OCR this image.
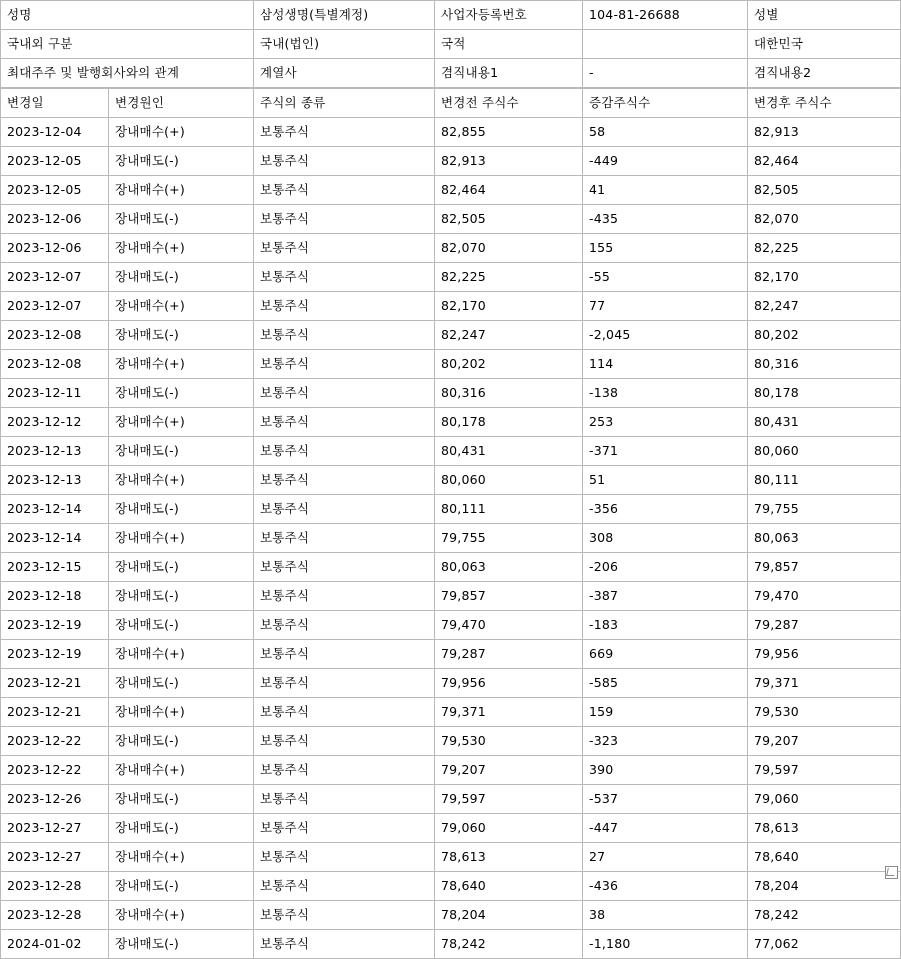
성명	삼성생명(특별계정)	사업자등록번호	104-81-26688	성별
국내외 구분	국내(법인)	국적		대한민국
최대주주 및 발행회사와의 관계	계열사	겸직내용1	-	겸직내용2
변경일	변경원인	주식의 종류	변경전 주식수	증감주식수	변경후 주식수
2023-12-04	장내매수(+)	보통주식	82,855	58	82,913
2023-12-05	장내매도(-)	보통주식	82,913	-449	82,464
2023-12-05	장내매수(+)	보통주식	82,464	41	82,505
2023-12-06	장내매도(-)	보통주식	82,505	-435	82,070
2023-12-06	장내매수(+)	보통주식	82,070	155	82,225
2023-12-07	장내매도(-)	보통주식	82,225	-55	82,170
2023-12-07	장내매수(+)	보통주식	82,170	77	82,247
2023-12-08	장내매도(-)	보통주식	82,247	-2,045	80,202
2023-12-08	장내매수(+)	보통주식	80,202	114	80,316
2023-12-11	장내매도(-)	보통주식	80,316	-138	80,178
2023-12-12	장내매수(+)	보통주식	80,178	253	80,431
2023-12-13	장내매도(-)	보통주식	80,431	-371	80,060
2023-12-13	장내매수(+)	보통주식	80,060	51	80,111
2023-12-14	장내매도(-)	보통주식	80,111	-356	79,755
2023-12-14	장내매수(+)	보통주식	79,755	308	80,063
2023-12-15	장내매도(-)	보통주식	80,063	-206	79,857
2023-12-18	장내매도(-)	보통주식	79,857	-387	79,470
2023-12-19	장내매도(-)	보통주식	79,470	-183	79,287
2023-12-19	장내매수(+)	보통주식	79,287	669	79,956
2023-12-21	장내매도(-)	보통주식	79,956	-585	79,371
2023-12-21	장내매수(+)	보통주식	79,371	159	79,530
2023-12-22	장내매도(-)	보통주식	79,530	-323	79,207
2023-12-22	장내매수(+)	보통주식	79,207	390	79,597
2023-12-26	장내매도(-)	보통주식	79,597	-537	79,060
2023-12-27	장내매도(-)	보통주식	79,060	-447	78,613
2023-12-27	장내매수(+)	보통주식	78,613	27	78,640
2023-12-28	장내매도(-)	보통주식	78,640	-436	78,204
2023-12-28	장내매수(+)	보통주식	78,204	38	78,242
2024-01-02	장내매도(-)	보통주식	78,242	-1,180	77,062
